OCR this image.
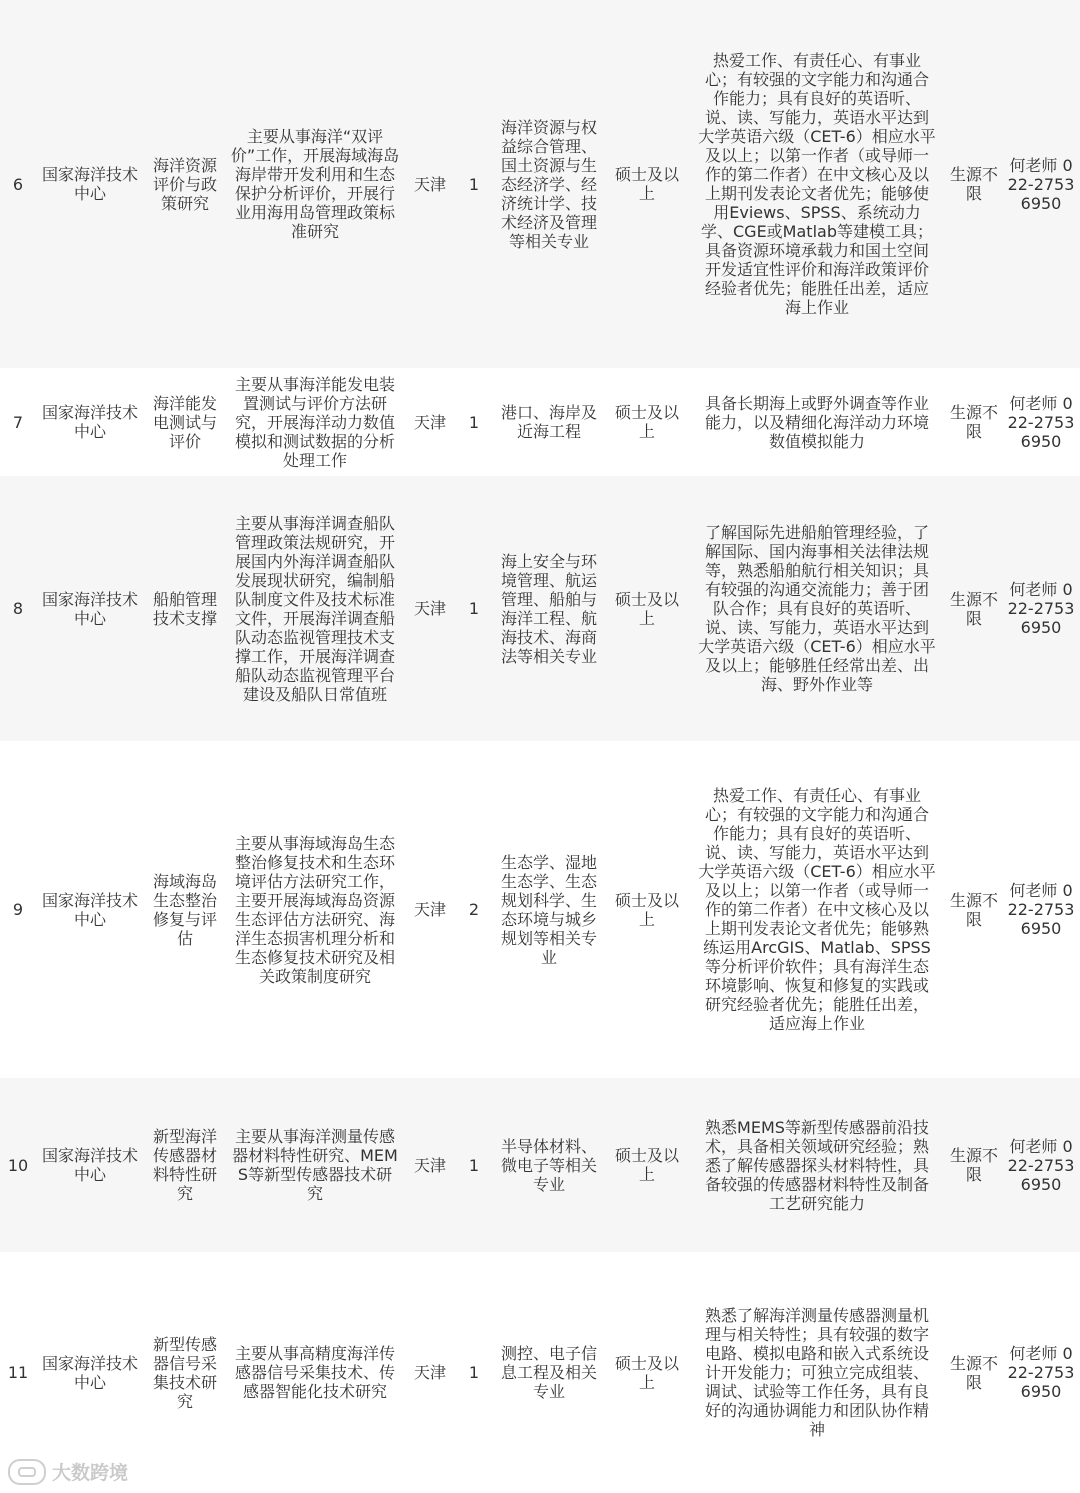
6	国家海洋技术中心	海洋资源评价与政策研究	主要从事海洋“双评价”工作，开展海域海岛海岸带开发利用和生态保护分析评价，开展行业用海用岛管理政策标准研究	天津	1	海洋资源与权益综合管理、国土资源与生态经济学、经济统计学、技术经济及管理等相关专业	硕士及以上	热爱工作、有责任心、有事业心；有较强的文字能力和沟通合作能力；具有良好的英语听、说、读、写能力，英语水平达到大学英语六级（CET-6）相应水平及以上；以第一作者（或导师一作的第二作者）在中文核心及以上期刊发表论文者优先；能够使用Eviews、SPSS、系统动力学、CGE或Matlab等建模工具；具备资源环境承载力和国土空间开发适宜性评价和海洋政策评价经验者优先；能胜任出差，适应海上作业	生源不限	何老师 022-27536950
7	国家海洋技术中心	海洋能发电测试与评价	主要从事海洋能发电装置测试与评价方法研究，开展海洋动力数值模拟和测试数据的分析处理工作	天津	1	港口、海岸及近海工程	硕士及以上	具备长期海上或野外调查等作业能力，以及精细化海洋动力环境数值模拟能力	生源不限	何老师 022-27536950
8	国家海洋技术中心	船舶管理技术支撑	主要从事海洋调查船队管理政策法规研究，开展国内外海洋调查船队发展现状研究，编制船队制度文件及技术标准文件，开展海洋调查船队动态监视管理技术支撑工作，开展海洋调查船队动态监视管理平台建设及船队日常值班	天津	1	海上安全与环境管理、航运管理、船舶与海洋工程、航海技术、海商法等相关专业	硕士及以上	了解国际先进船舶管理经验，了解国际、国内海事相关法律法规等，熟悉船舶航行相关知识；具有较强的沟通交流能力；善于团队合作；具有良好的英语听、说、读、写能力，英语水平达到大学英语六级（CET-6）相应水平及以上；能够胜任经常出差、出海、野外作业等	生源不限	何老师 022-27536950
9	国家海洋技术中心	海域海岛生态整治修复与评估	主要从事海域海岛生态整治修复技术和生态环境评估方法研究工作，主要开展海域海岛资源生态评估方法研究、海洋生态损害机理分析和生态修复技术研究及相关政策制度研究	天津	2	生态学、湿地生态学、生态规划科学、生态环境与城乡规划等相关专业	硕士及以上	热爱工作、有责任心、有事业心；有较强的文字能力和沟通合作能力；具有良好的英语听、说、读、写能力，英语水平达到大学英语六级（CET-6）相应水平及以上；以第一作者（或导师一作的第二作者）在中文核心及以上期刊发表论文者优先；能够熟练运用ArcGIS、Matlab、SPSS等分析评价软件；具有海洋生态环境影响、恢复和修复的实践或研究经验者优先；能胜任出差，适应海上作业	生源不限	何老师 022-27536950
10	国家海洋技术中心	新型海洋传感器材料特性研究	主要从事海洋测量传感器材料特性研究、MEMS等新型传感器技术研究	天津	1	半导体材料、微电子等相关专业	硕士及以上	熟悉MEMS等新型传感器前沿技术，具备相关领域研究经验；熟悉了解传感器探头材料特性，具备较强的传感器材料特性及制备工艺研究能力	生源不限	何老师 022-27536950
11	国家海洋技术中心	新型传感器信号采集技术研究	主要从事高精度海洋传感器信号采集技术、传感器智能化技术研究	天津	1	测控、电子信息工程及相关专业	硕士及以上	熟悉了解海洋测量传感器测量机理与相关特性；具有较强的数字电路、模拟电路和嵌入式系统设计开发能力；可独立完成组装、调试、试验等工作任务，具有良好的沟通协调能力和团队协作精神	生源不限	何老师 022-27536950
大数跨境
